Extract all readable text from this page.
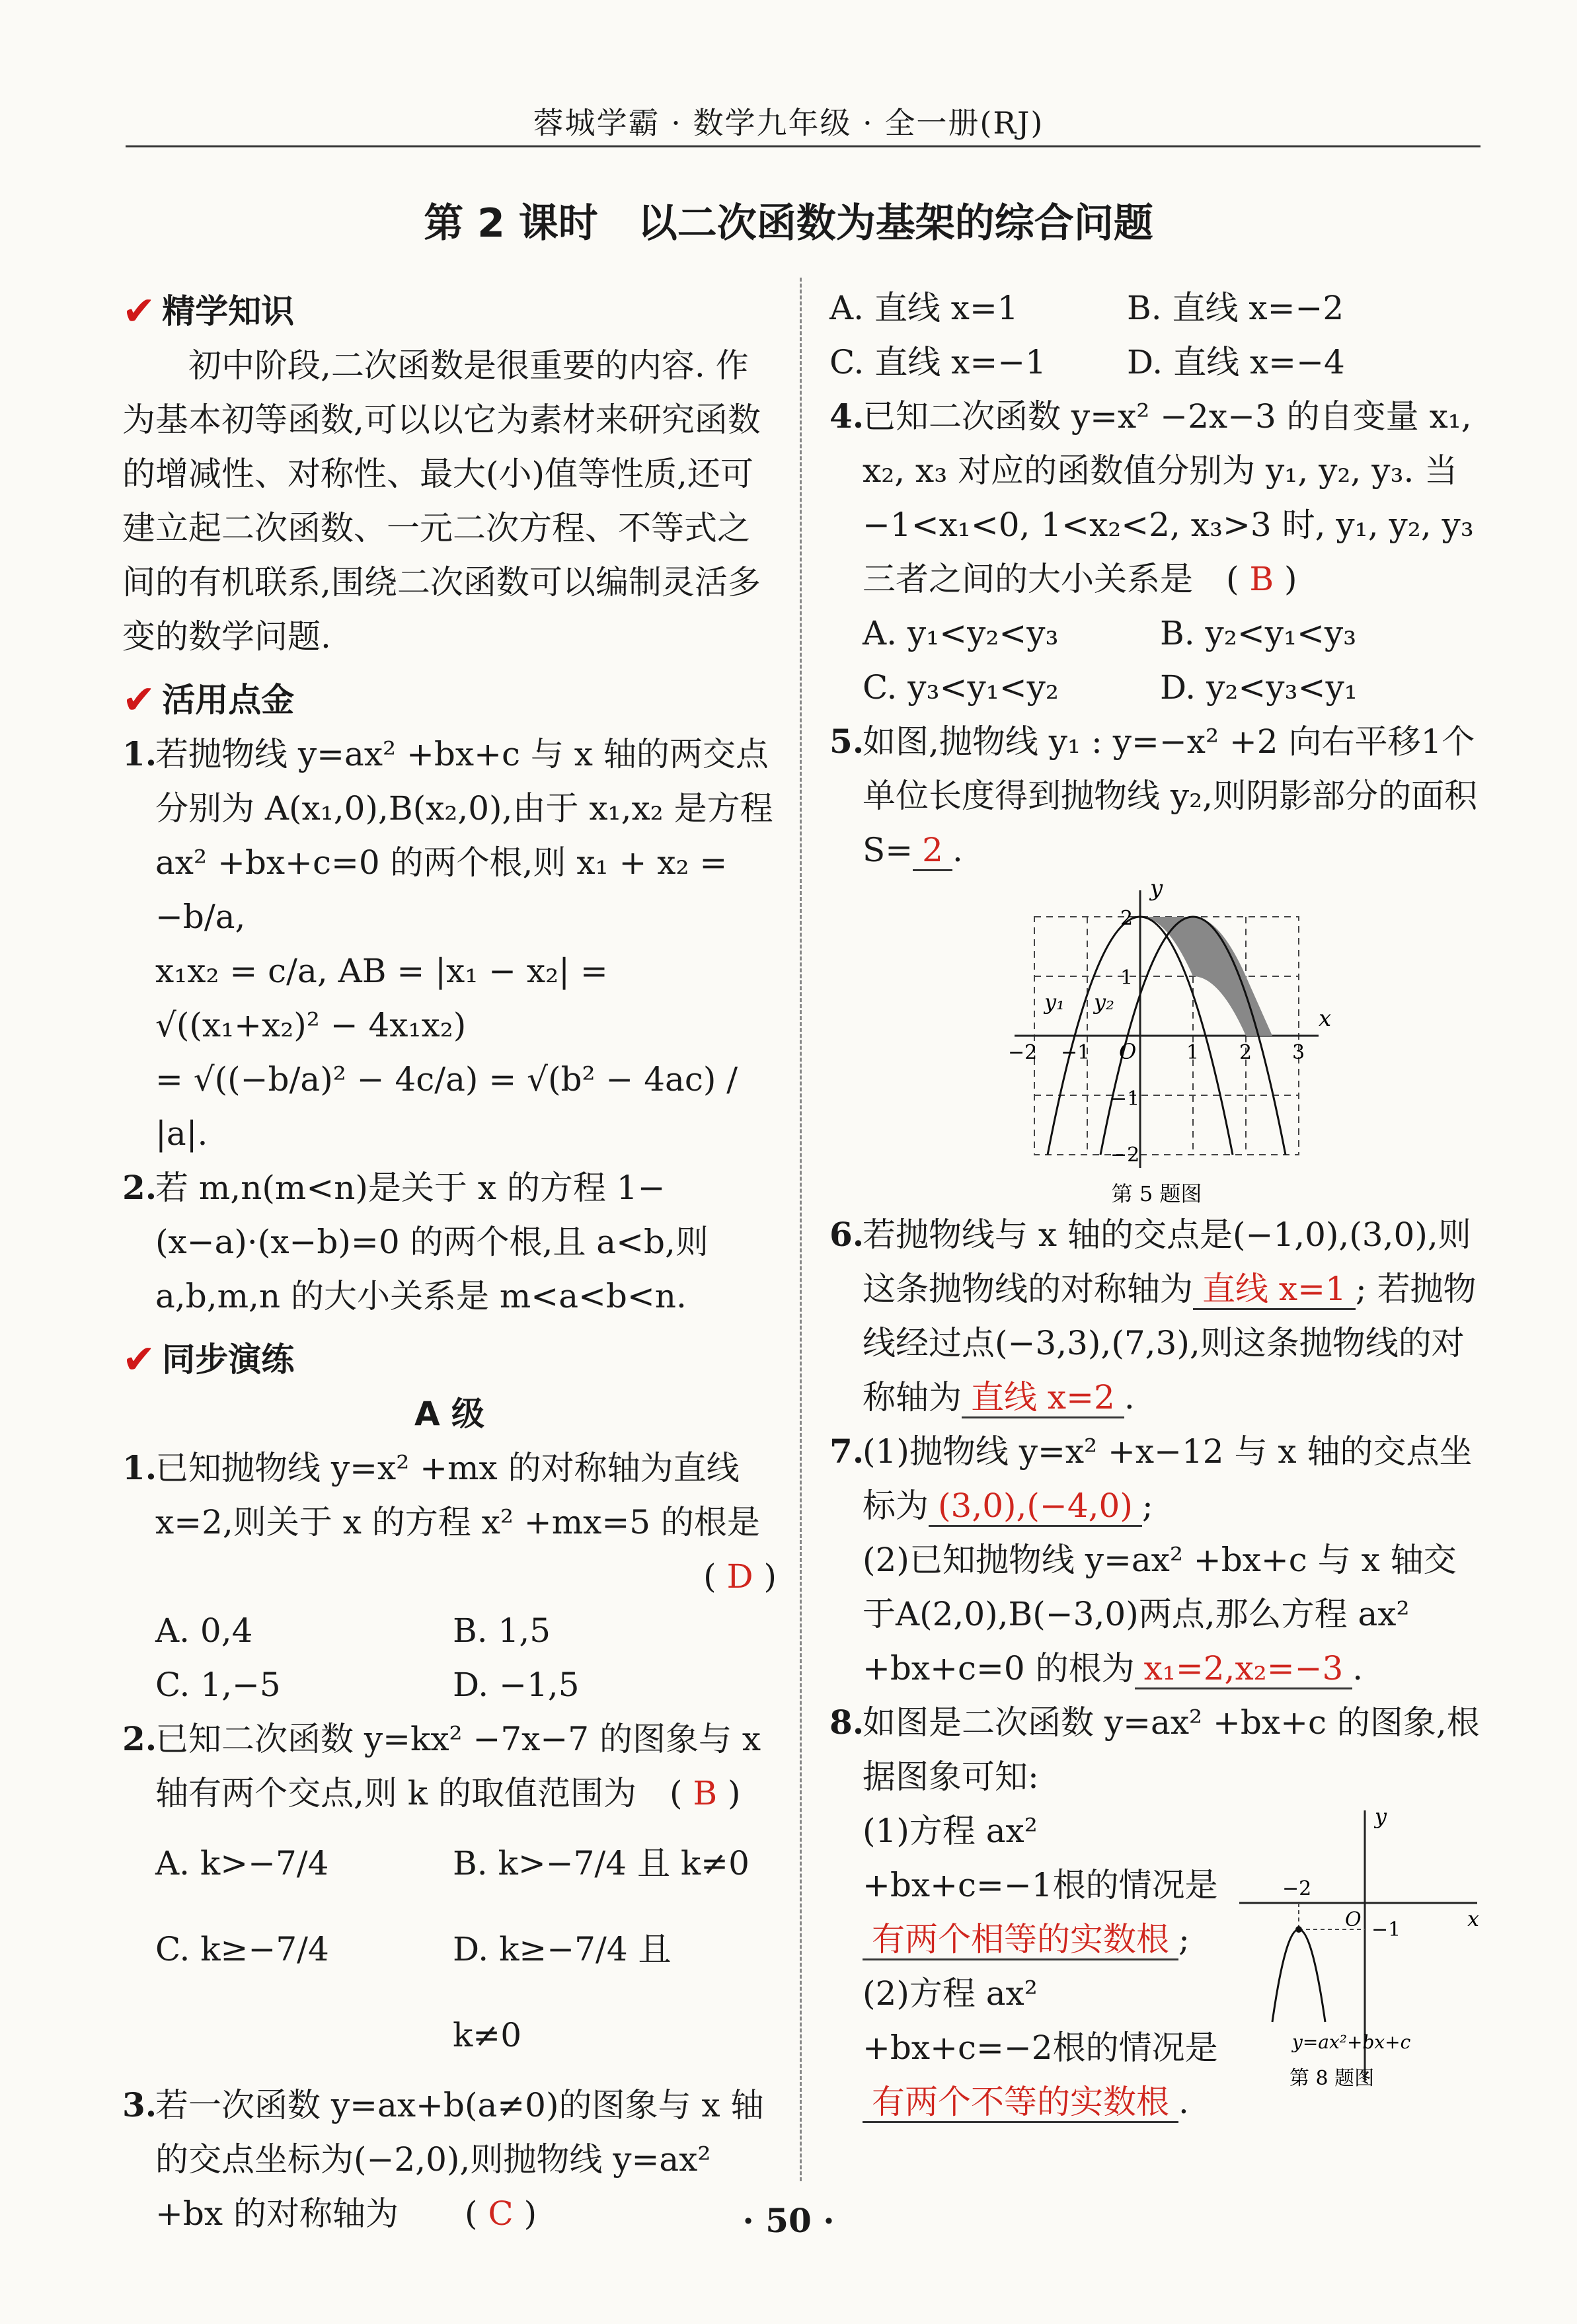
蓉城学霸 · 数学九年级 · 全一册(RJ)
第 2 课时　以二次函数为基架的综合问题
✔ 精学知识

初中阶段,二次函数是很重要的内容. 作为基本初等函数,可以以它为素材来研究函数的增减性、对称性、最大(小)值等性质,还可建立起二次函数、一元二次方程、不等式之间的有机联系,围绕二次函数可以编制灵活多变的数学问题.

✔ 活用点金
1.

若抛物线 y=ax² +bx+c 与 x 轴的两交点分别为 A(x₁,0),B(x₂,0),由于 x₁,x₂ 是方程 ax² +bx+c=0 的两个根,则 x₁ + x₂ = −b/a,

x₁x₂ = c/a, AB = |x₁ − x₂| = √((x₁+x₂)² − 4x₁x₂)

= √((−b/a)² − 4c/a) = √(b² − 4ac) / |a|.

2.

若 m,n(m<n)是关于 x 的方程 1−(x−a)·(x−b)=0 的两个根,且 a<b,则 a,b,m,n 的大小关系是 m<a<b<n.

✔ 同步演练
A 级
1.

已知抛物线 y=x² +mx 的对称轴为直线 x=2,则关于 x 的方程 x² +mx=5 的根是

( D )
A. 0,4	B. 1,5
C. 1,−5	D. −1,5
2.

已知二次函数 y=kx² −7x−7 的图象与 x 轴有两个交点,则 k 的取值范围为　( B )

A. k>−7/4	B. k>−7/4 且 k≠0
C. k≥−7/4	D. k≥−7/4 且 k≠0
3.

若一次函数 y=ax+b(a≠0)的图象与 x 轴的交点坐标为(−2,0),则抛物线 y=ax² +bx 的对称轴为　　( C )

A. 直线 x=1	B. 直线 x=−2
C. 直线 x=−1	D. 直线 x=−4
4.

已知二次函数 y=x² −2x−3 的自变量 x₁, x₂, x₃ 对应的函数值分别为 y₁, y₂, y₃. 当 −1<x₁<0, 1<x₂<2, x₃>3 时, y₁, y₂, y₃ 三者之间的大小关系是　( B )

A. y₁<y₂<y₃	B. y₂<y₁<y₃
C. y₃<y₁<y₂	D. y₂<y₃<y₁
5.

如图,抛物线 y₁ : y=−x² +2 向右平移1个单位长度得到抛物线 y₂,则阴影部分的面积 S= 2 .

y
x
O
y₁ y₂
2
1
−1
−2
−2 −1	1 2 3
第 5 题图
6.

若抛物线与 x 轴的交点是(−1,0),(3,0),则这条抛物线的对称轴为 直线 x=1 ; 若抛物线经过点(−3,3),(7,3),则这条抛物线的对称轴为 直线 x=2 .

7.

(1)抛物线 y=x² +x−12 与 x 轴的交点坐标为 (3,0),(−4,0) ;

(2)已知抛物线 y=ax² +bx+c 与 x 轴交于A(2,0),B(−3,0)两点,那么方程 ax² +bx+c=0 的根为 x₁=2,x₂=−3 .

8.

如图是二次函数 y=ax² +bx+c 的图象,根据图象可知:

(1)方程 ax² +bx+c=−1根的情况是有两个相等的实数根 ;

(2)方程 ax² +bx+c=−2根的情况是有两个不等的实数根 .

y
x
O
−2
−1
y=ax²+bx+c
第 8 题图
· 50 ·
